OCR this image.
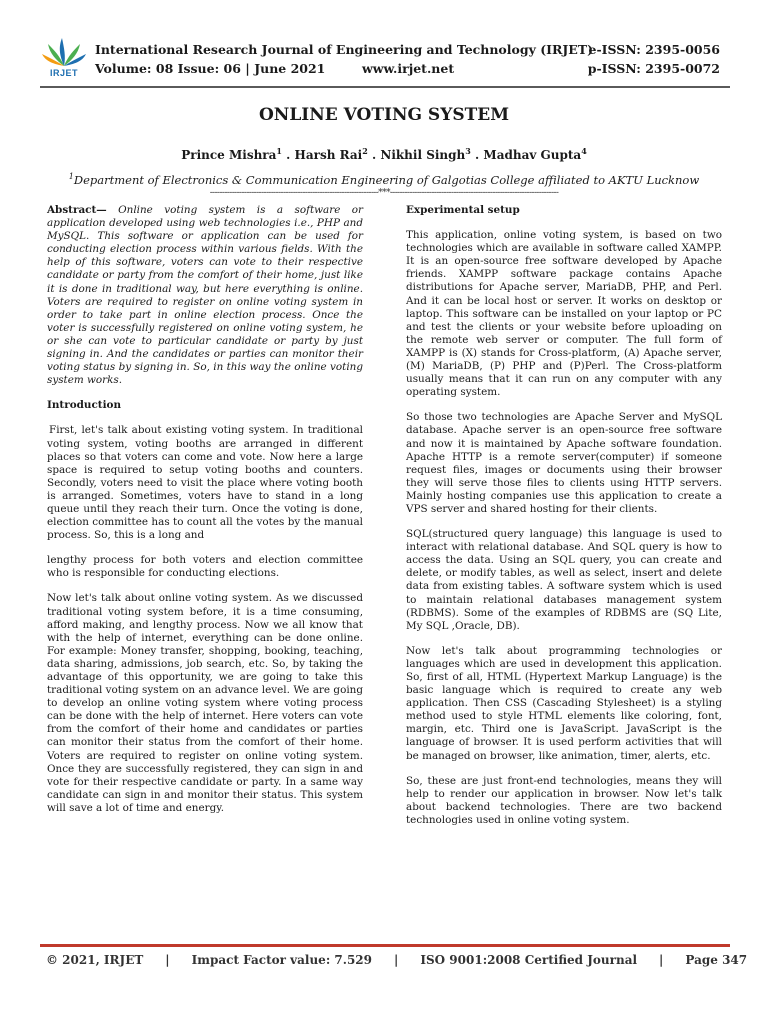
IRJET
International Research Journal of Engineering and Technology (IRJET)
e-ISSN: 2395-0056
Volume: 08 Issue: 06 | June 2021	www.irjet.net	p-ISSN: 2395-0072
ONLINE VOTING SYSTEM
Prince Mishra$^1$ . Harsh Rai$^2$ . Nikhil Singh$^3$ . Madhav Gupta$^4$
$^1$Department of Electronics & Communication Engineering of Galgotias College affiliated to AKTU Lucknow
---------------------------------------------------------------------***---------------------------------------------------------------------

Abstract— Online voting system is a software or application developed using web technologies i.e., PHP and MySQL. This software or application can be used for conducting election process within various fields. With the help of this software, voters can vote to their respective candidate or party from the comfort of their home, just like it is done in traditional way, but here everything is online. Voters are required to register on online voting system in order to take part in online election process. Once the voter is successfully registered on online voting system, he or she can vote to particular candidate or party by just signing in. And the candidates or parties can monitor their voting status by signing in. So, in this way the online voting system works.

Introduction

First, let's talk about existing voting system. In traditional voting system, voting booths are arranged in different places so that voters can come and vote. Now here a large space is required to setup voting booths and counters. Secondly, voters need to visit the place where voting booth is arranged. Sometimes, voters have to stand in a long queue until they reach their turn. Once the voting is done, election committee has to count all the votes by the manual process. So, this is a long and

lengthy process for both voters and election committee who is responsible for conducting elections.

Now let's talk about online voting system. As we discussed traditional voting system before, it is a time consuming, afford making, and lengthy process. Now we all know that with the help of internet, everything can be done online. For example: Money transfer, shopping, booking, teaching, data sharing, admissions, job search, etc. So, by taking the advantage of this opportunity, we are going to take this traditional voting system on an advance level. We are going to develop an online voting system where voting process can be done with the help of internet. Here voters can vote from the comfort of their home and candidates or parties can monitor their status from the comfort of their home. Voters are required to register on online voting system. Once they are successfully registered, they can sign in and vote for their respective candidate or party. In a same way candidate can sign in and monitor their status. This system will save a lot of time and energy.

Experimental setup

This application, online voting system, is based on two technologies which are available in software called XAMPP. It is an open-source free software developed by Apache friends. XAMPP software package contains Apache distributions for Apache server, MariaDB, PHP, and Perl. And it can be local host or server. It works on desktop or laptop. This software can be installed on your laptop or PC and test the clients or your website before uploading on the remote web server or computer. The full form of XAMPP is (X) stands for Cross-platform, (A) Apache server, (M) MariaDB, (P) PHP and (P)Perl. The Cross-platform usually means that it can run on any computer with any operating system.

So those two technologies are Apache Server and MySQL database. Apache server is an open-source free software and now it is maintained by Apache software foundation. Apache HTTP is a remote server(computer) if someone request files, images or documents using their browser they will serve those files to clients using HTTP servers. Mainly hosting companies use this application to create a VPS server and shared hosting for their clients.

SQL(structured query language) this language is used to interact with relational database. And SQL query is how to access the data. Using an SQL query, you can create and delete, or modify tables, as well as select, insert and delete data from existing tables. A software system which is used to maintain relational databases management system (RDBMS). Some of the examples of RDBMS are (SQ Lite, My SQL ,Oracle, DB).

Now let's talk about programming technologies or languages which are used in development this application. So, first of all, HTML (Hypertext Markup Language) is the basic language which is required to create any web application. Then CSS (Cascading Stylesheet) is a styling method used to style HTML elements like coloring, font, margin, etc. Third one is JavaScript. JavaScript is the language of browser. It is used perform activities that will be managed on browser, like animation, timer, alerts, etc.

So, these are just front-end technologies, means they will help to render our application in browser. Now let's talk about backend technologies. There are two backend technologies used in online voting system.

© 2021, IRJET | Impact Factor value: 7.529 | ISO 9001:2008 Certified Journal | Page 347
